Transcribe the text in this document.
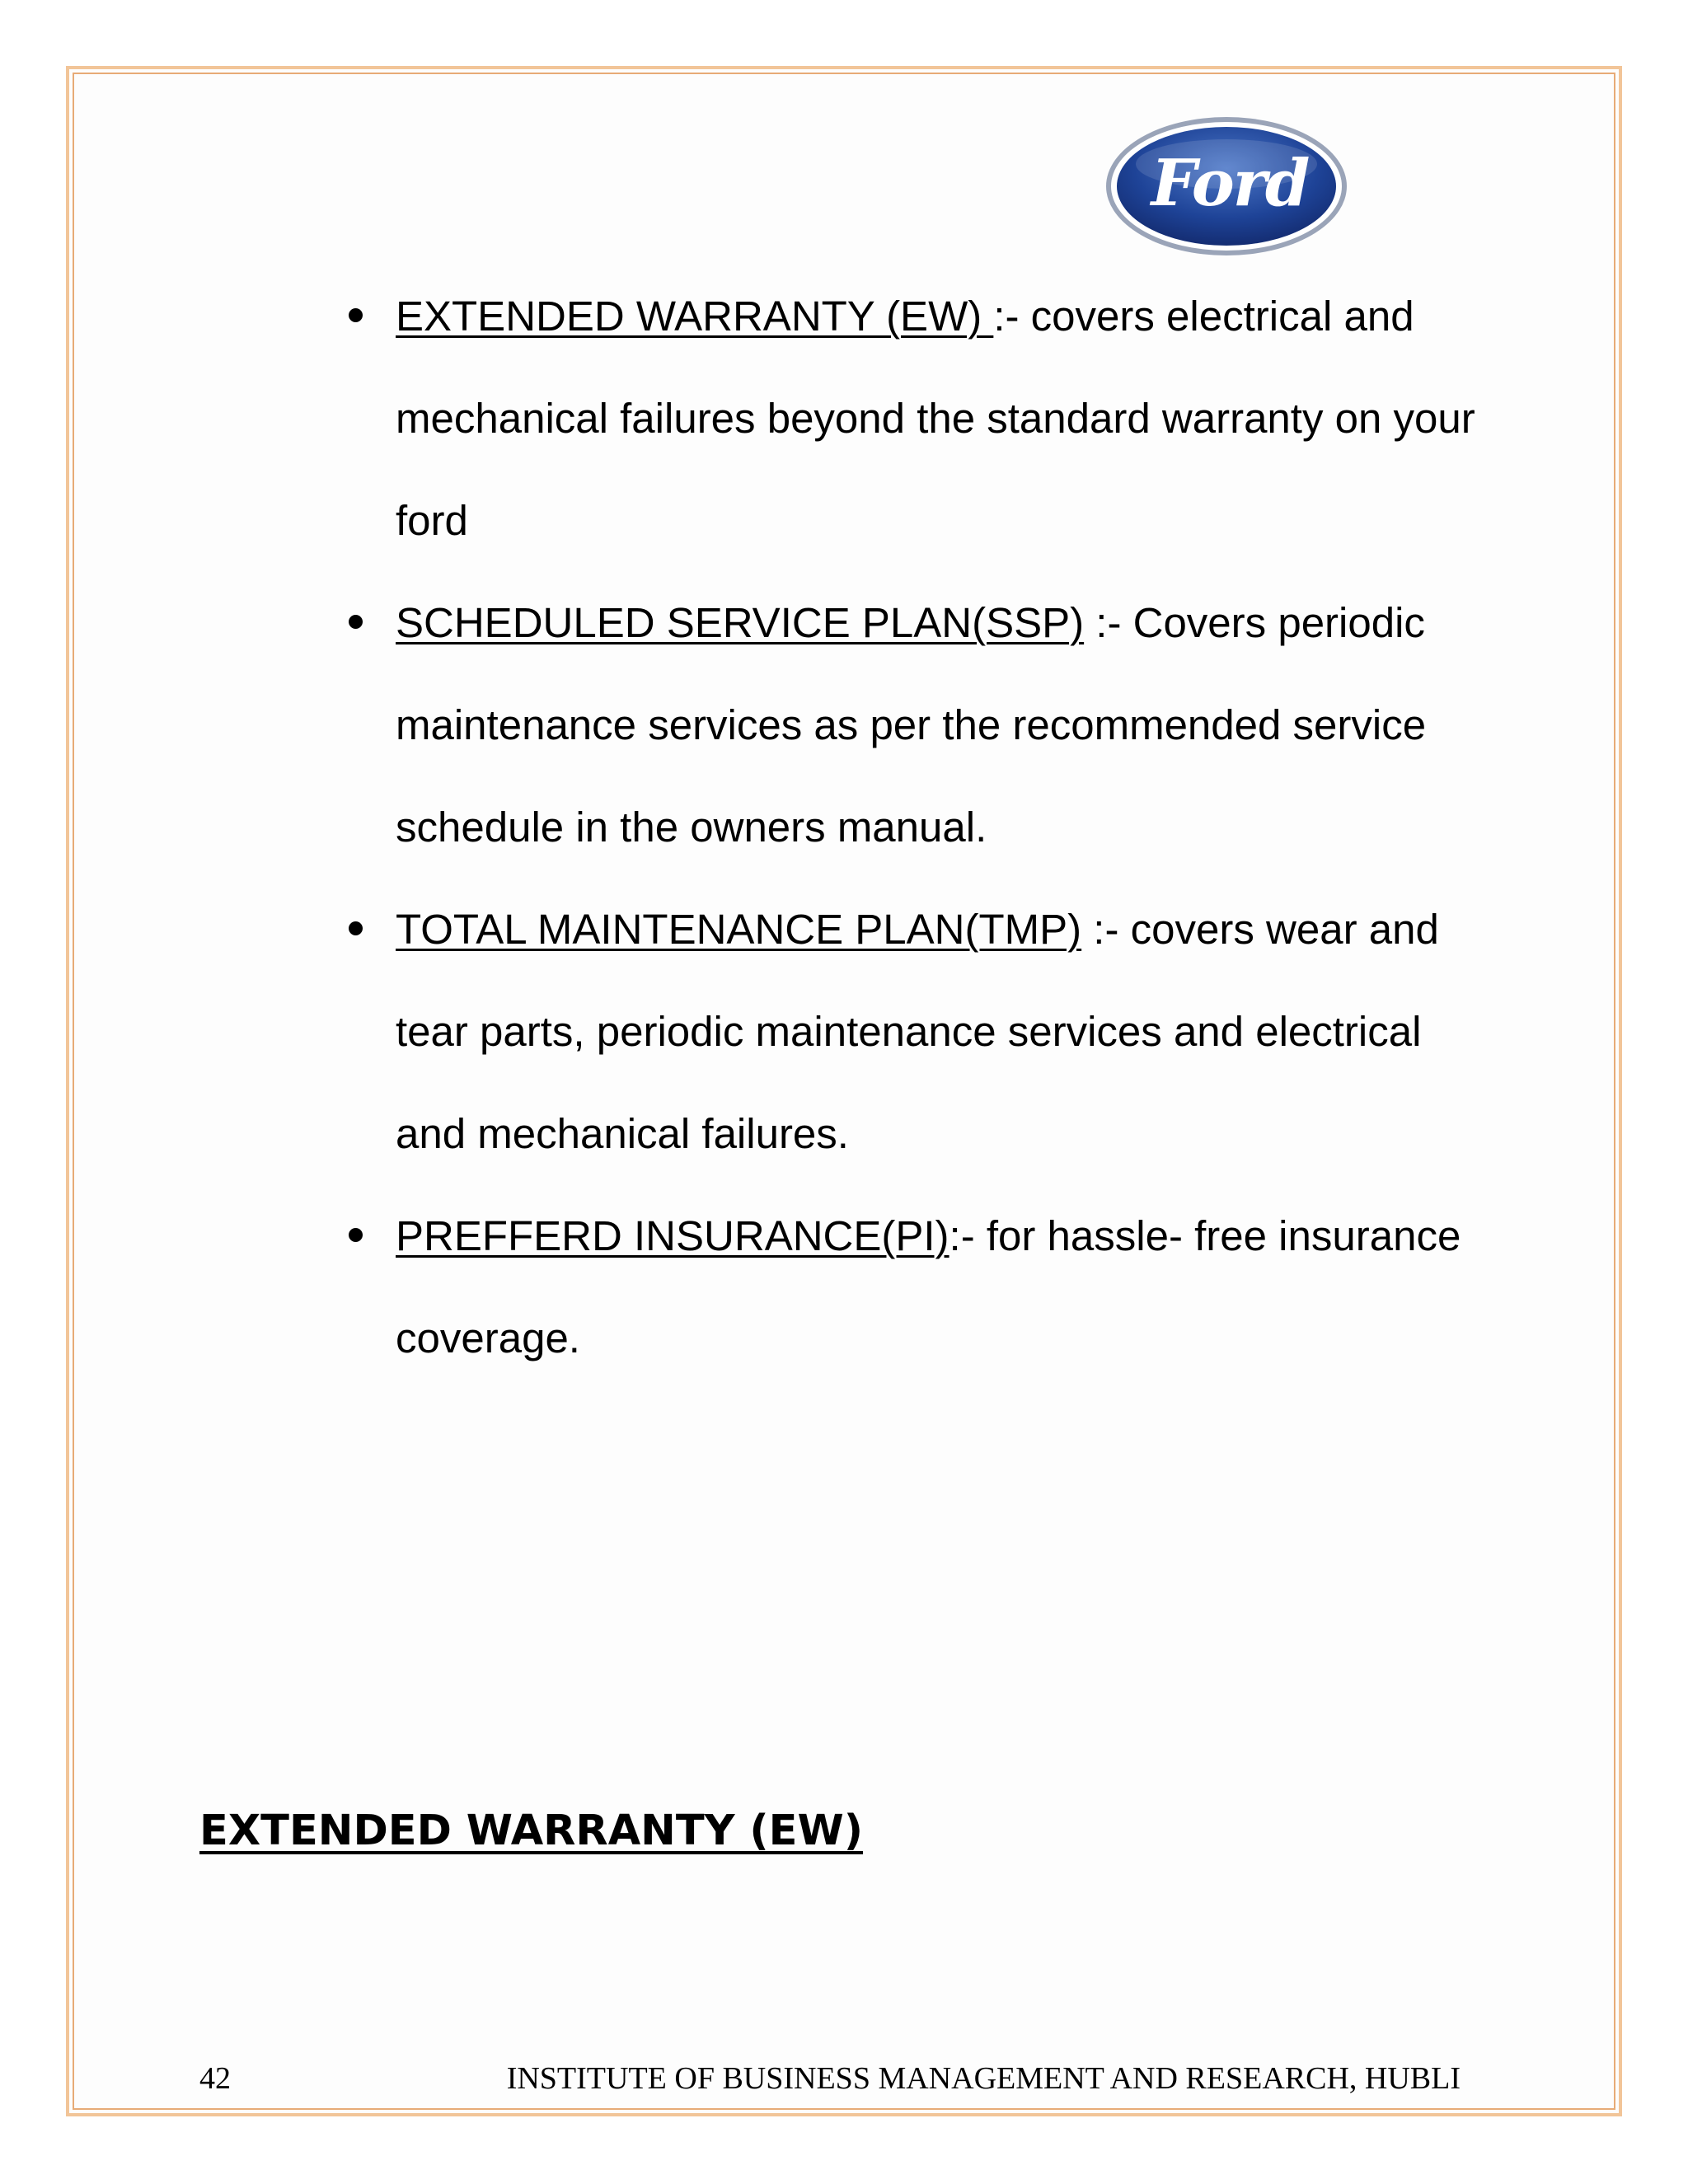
Ford
EXTENDED WARRANTY (EW) :- covers electrical and mechanical failures beyond the standard warranty on your ford
SCHEDULED SERVICE PLAN(SSP) :- Covers periodic maintenance services as per the recommended service schedule in the owners manual.
TOTAL MAINTENANCE PLAN(TMP) :- covers wear and tear parts, periodic maintenance services and electrical and mechanical failures.
PREFFERD INSURANCE(PI):- for hassle- free insurance coverage.
EXTENDED WARRANTY (EW)
42	INSTITUTE OF BUSINESS MANAGEMENT AND RESEARCH, HUBLI
